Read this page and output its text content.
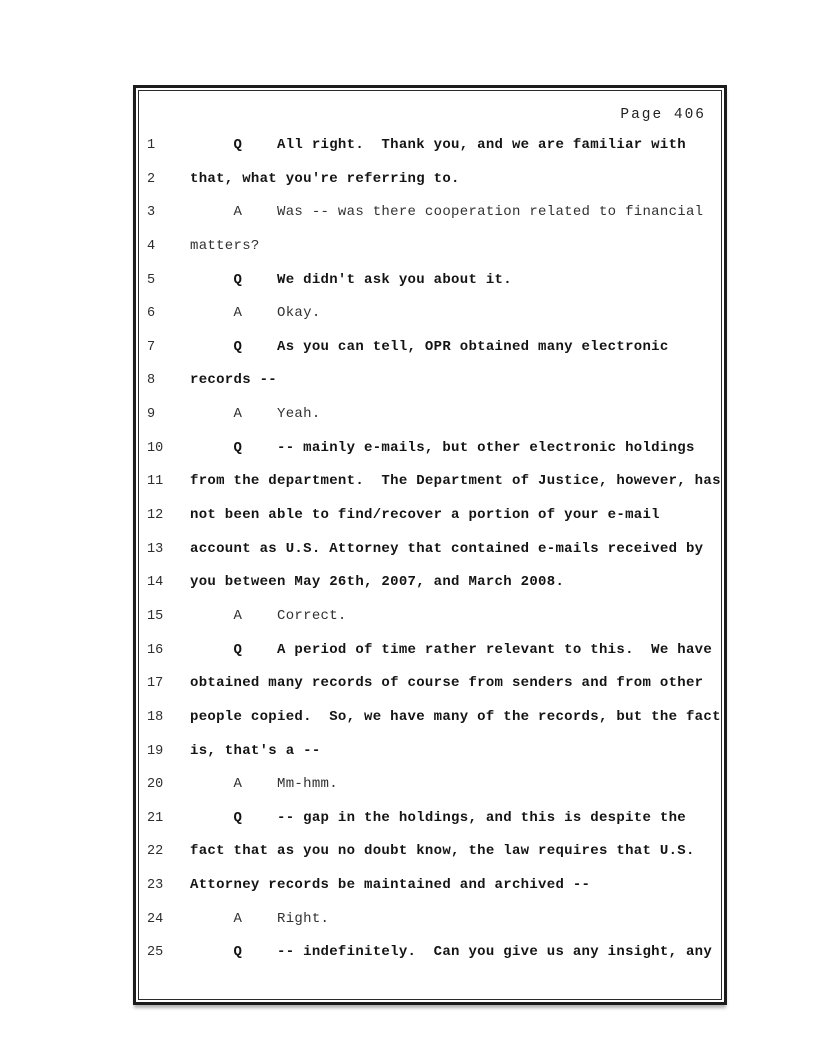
Page 406
1	Q    All right.  Thank you, and we are familiar with
2	that, what you're referring to.
3	A    Was -- was there cooperation related to financial
4	matters?
5	Q    We didn't ask you about it.
6	A    Okay.
7	Q    As you can tell, OPR obtained many electronic
8	records --
9	A    Yeah.
10	Q    -- mainly e-mails, but other electronic holdings
11	from the department.  The Department of Justice, however, has
12	not been able to find/recover a portion of your e-mail
13	account as U.S. Attorney that contained e-mails received by
14	you between May 26th, 2007, and March 2008.
15	A    Correct.
16	Q    A period of time rather relevant to this.  We have
17	obtained many records of course from senders and from other
18	people copied.  So, we have many of the records, but the fact
19	is, that's a --
20	A    Mm-hmm.
21	Q    -- gap in the holdings, and this is despite the
22	fact that as you no doubt know, the law requires that U.S.
23	Attorney records be maintained and archived --
24	A    Right.
25	Q    -- indefinitely.  Can you give us any insight, any
